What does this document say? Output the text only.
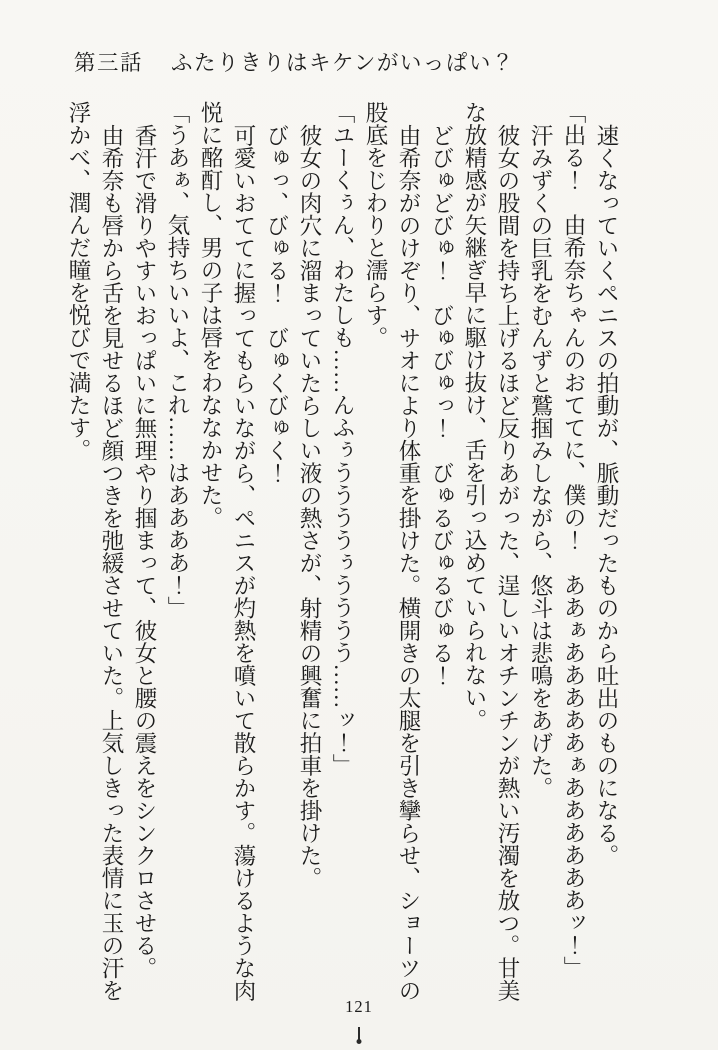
第三話 ふたりきりはキケンがいっぱい？

速くなっていくペニスの拍動が、脈動だったものから吐出のものになる。

「出る！　由希奈ちゃんのおててに、僕の！　ああぁあああああぁああああああッ！」

汗みずくの巨乳をむんずと鷲掴みしながら、悠斗は悲鳴をあげた。

彼女の股間を持ち上げるほど反りあがった、逞しいオチンチンが熱い汚濁を放つ。甘美な放精感が矢継ぎ早に駆け抜け、舌を引っ込めていられない。

どびゅどびゅ！　びゅびゅっ！　びゅるびゅるびゅる！

由希奈がのけぞり、サオにより体重を掛けた。横開きの太腿を引き攣らせ、ショーツの股底をじわりと濡らす。

「ユーくぅん、わたしも……んふぅううううぅうううう……ッ！」

彼女の肉穴に溜まっていたらしい液の熱さが、射精の興奮に拍車を掛けた。

びゅっ、びゅる！　びゅくびゅく！

可愛いおててに握ってもらいながら、ペニスが灼熱を噴いて散らかす。蕩けるような肉悦に酩酊し、男の子は唇をわななかせた。

「うあぁ、気持ちいいよ、これ……はああああ！」

香汗で滑りやすいおっぱいに無理やり掴まって、彼女と腰の震えをシンクロさせる。

由希奈も唇から舌を見せるほど顔つきを弛緩させていた。上気しきった表情に玉の汗を浮かべ、潤んだ瞳を悦びで満たす。

121
